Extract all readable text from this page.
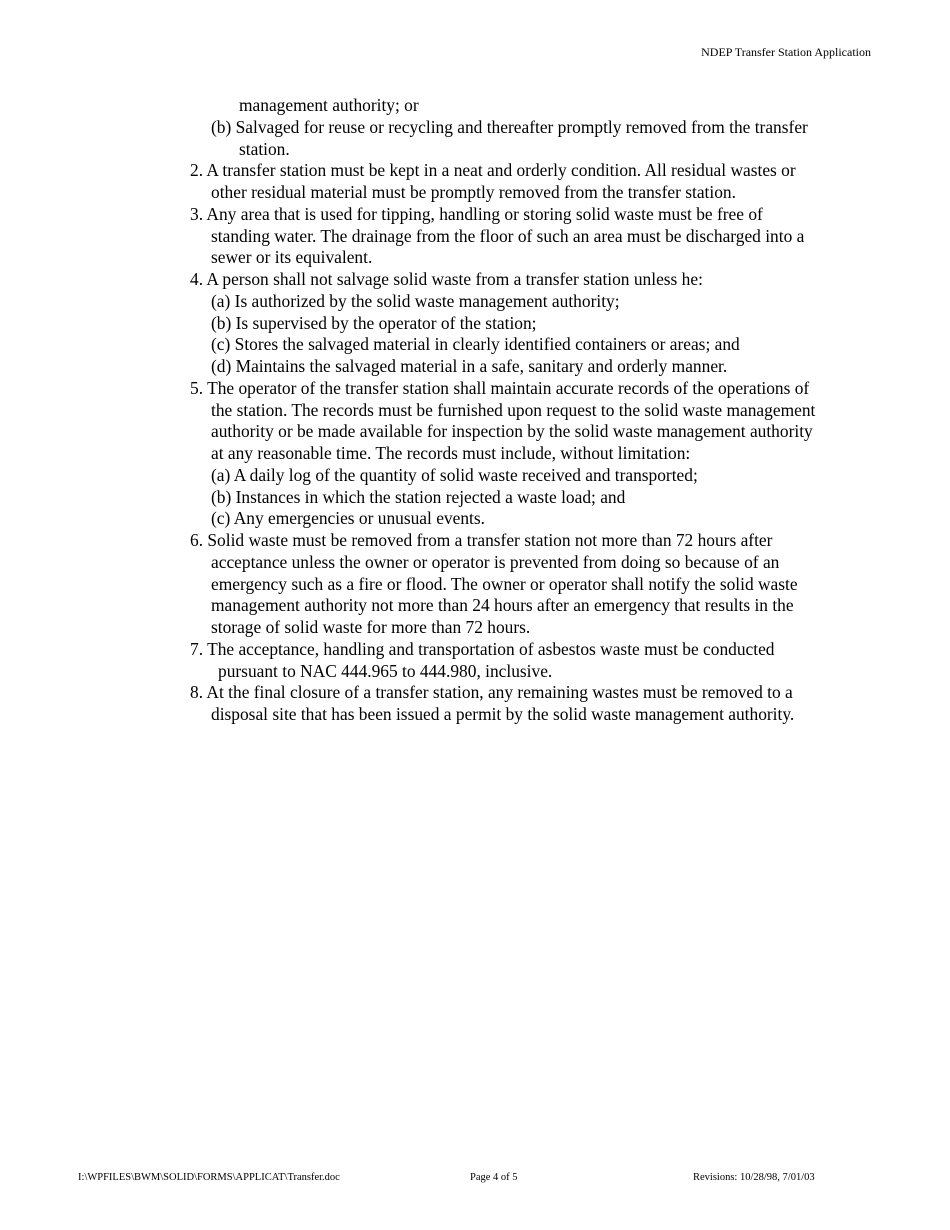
NDEP Transfer Station Application
management authority; or
(b) Salvaged for reuse or recycling and thereafter promptly removed from the transfer
station.
2. A transfer station must be kept in a neat and orderly condition. All residual wastes or
other residual material must be promptly removed from the transfer station.
3. Any area that is used for tipping, handling or storing solid waste must be free of
standing water. The drainage from the floor of such an area must be discharged into a
sewer or its equivalent.
4. A person shall not salvage solid waste from a transfer station unless he:
(a) Is authorized by the solid waste management authority;
(b) Is supervised by the operator of the station;
(c) Stores the salvaged material in clearly identified containers or areas; and
(d) Maintains the salvaged material in a safe, sanitary and orderly manner.
5. The operator of the transfer station shall maintain accurate records of the operations of
the station. The records must be furnished upon request to the solid waste management
authority or be made available for inspection by the solid waste management authority
at any reasonable time. The records must include, without limitation:
(a) A daily log of the quantity of solid waste received and transported;
(b) Instances in which the station rejected a waste load; and
(c) Any emergencies or unusual events.
6. Solid waste must be removed from a transfer station not more than 72 hours after
acceptance unless the owner or operator is prevented from doing so because of an
emergency such as a fire or flood. The owner or operator shall notify the solid waste
management authority not more than 24 hours after an emergency that results in the
storage of solid waste for more than 72 hours.
7. The acceptance, handling and transportation of asbestos waste must be conducted
pursuant to NAC 444.965 to 444.980, inclusive.
8. At the final closure of a transfer station, any remaining wastes must be removed to a
disposal site that has been issued a permit by the solid waste management authority.
I:\WPFILES\BWM\SOLID\FORMS\APPLICAT\Transfer.doc	Page 4 of 5	Revisions: 10/28/98, 7/01/03
